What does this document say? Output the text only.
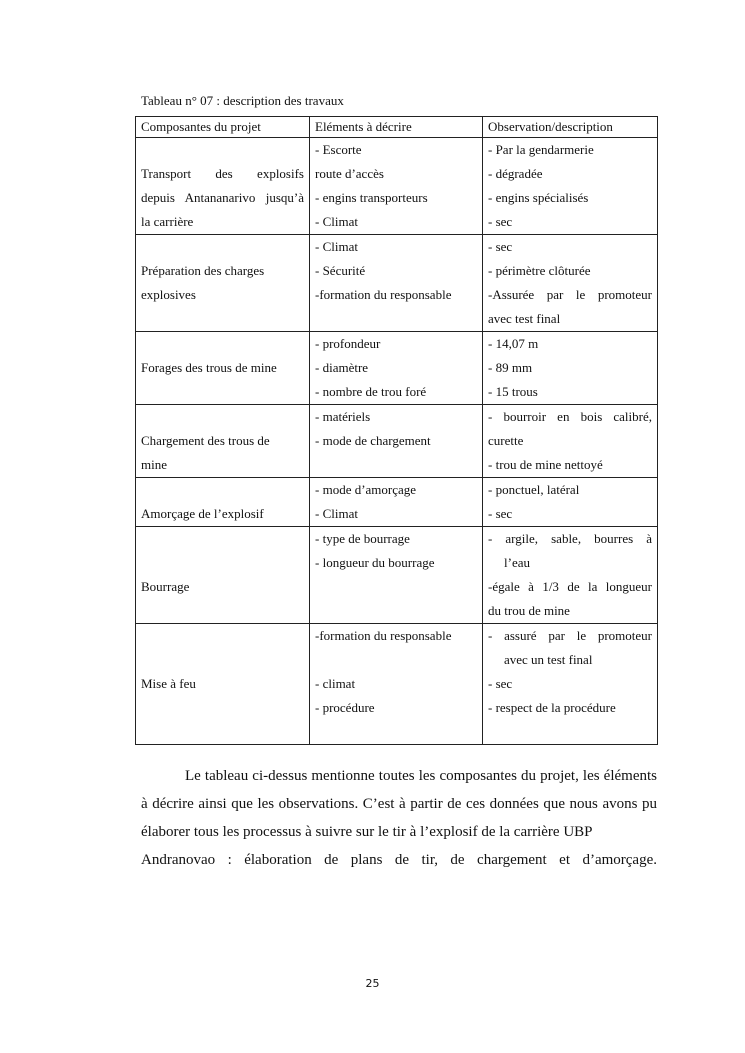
Tableau n° 07 : description des travaux
Composantes du projet	Eléments à décrire	Observation/description

Transport des explosifs
depuis Antananarivo jusqu’à
la carrière	- Escorte
route d’accès
- engins transporteurs
- Climat	- Par la gendarmerie
- dégradée
- engins spécialisés
- sec

Préparation des charges
explosives	- Climat
- Sécurité
-formation du responsable	- sec
- périmètre clôturée
-Assurée par le promoteur
avec test final

Forages des trous de mine	- profondeur
- diamètre
- nombre de trou foré	- 14,07 m
- 89 mm
- 15 trous

Chargement des trous de
mine	- matériels
- mode de chargement	- bourroir en bois calibré,
curette
- trou de mine nettoyé

Amorçage de l’explosif	- mode d’amorçage
- Climat	- ponctuel, latéral
- sec

Bourrage	- type de bourrage
- longueur du bourrage	- argile, sable, bourres à
l’eau
-égale à 1/3 de la longueur
du trou de mine

Mise à feu	-formation du responsable
- climat
- procédure	- assuré par le promoteur
avec un test final
- sec
- respect de la procédure

Le tableau ci-dessus mentionne toutes les composantes du projet, les éléments à décrire ainsi que les observations. C’est à partir de ces données que nous avons pu élaborer tous les processus à suivre sur le tir à l’explosif de la carrière UBP

Andranovao : élaboration de plans de tir, de chargement et d’amorçage.

25
